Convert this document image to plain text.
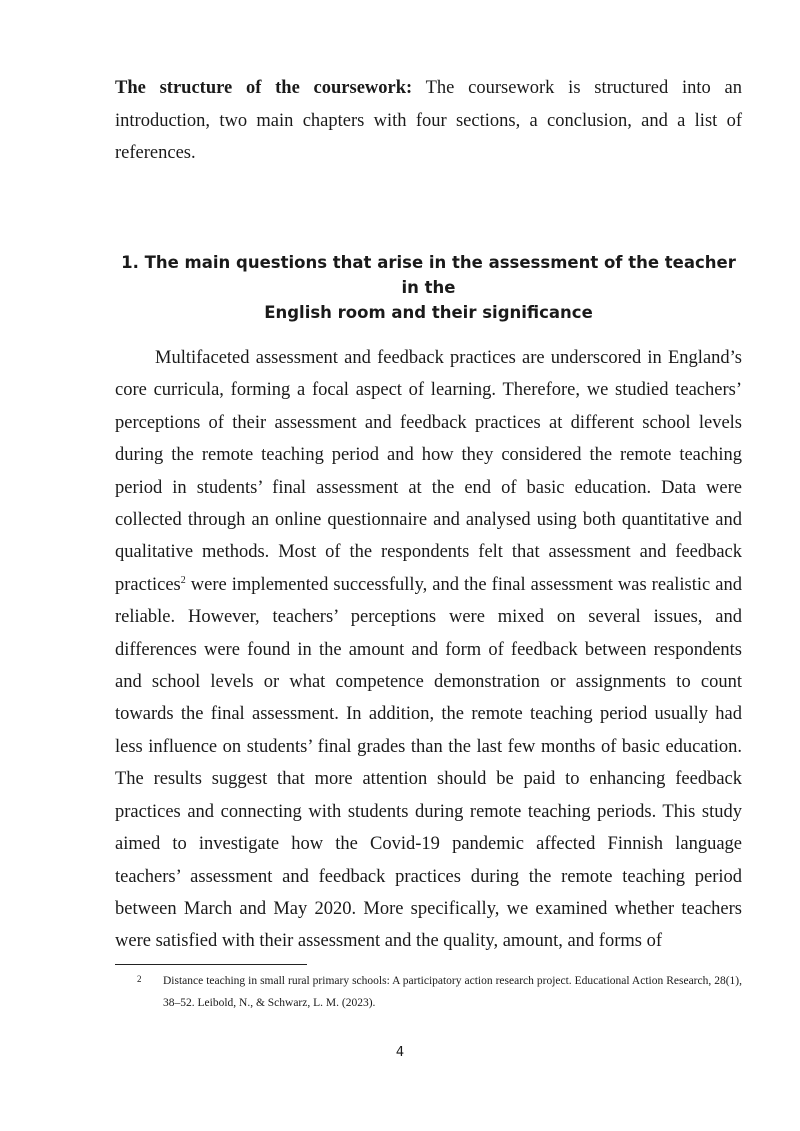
The structure of the coursework: The coursework is structured into an introduction, two main chapters with four sections, a conclusion, and a list of references.

1. The main questions that arise in the assessment of the teacher in the
English room and their significance

Multifaceted assessment and feedback practices are underscored in England’s core curricula, forming a focal aspect of learning. Therefore, we studied teachers’ perceptions of their assessment and feedback practices at different school levels during the remote teaching period and how they considered the remote teaching period in students’ final assessment at the end of basic education. Data were collected through an online questionnaire and analysed using both quantitative and qualitative methods. Most of the respondents felt that assessment and feedback practices$^2$ were implemented successfully, and the final assessment was realistic and reliable. However, teachers’ perceptions were mixed on several issues, and differences were found in the amount and form of feedback between respondents and school levels or what competence demonstration or assignments to count towards the final assessment. In addition, the remote teaching period usually had less influence on students’ final grades than the last few months of basic education. The results suggest that more attention should be paid to enhancing feedback practices and connecting with students during remote teaching periods. This study aimed to investigate how the Covid-19 pandemic affected Finnish language teachers’ assessment and feedback practices during the remote teaching period between March and May 2020. More specifically, we examined whether teachers were satisfied with their assessment and the quality, amount, and forms of

2 Distance teaching in small rural primary schools: A participatory action research project. Educational Action Research, 28(1), 38–52. Leibold, N., & Schwarz, L. M. (2023).

4
